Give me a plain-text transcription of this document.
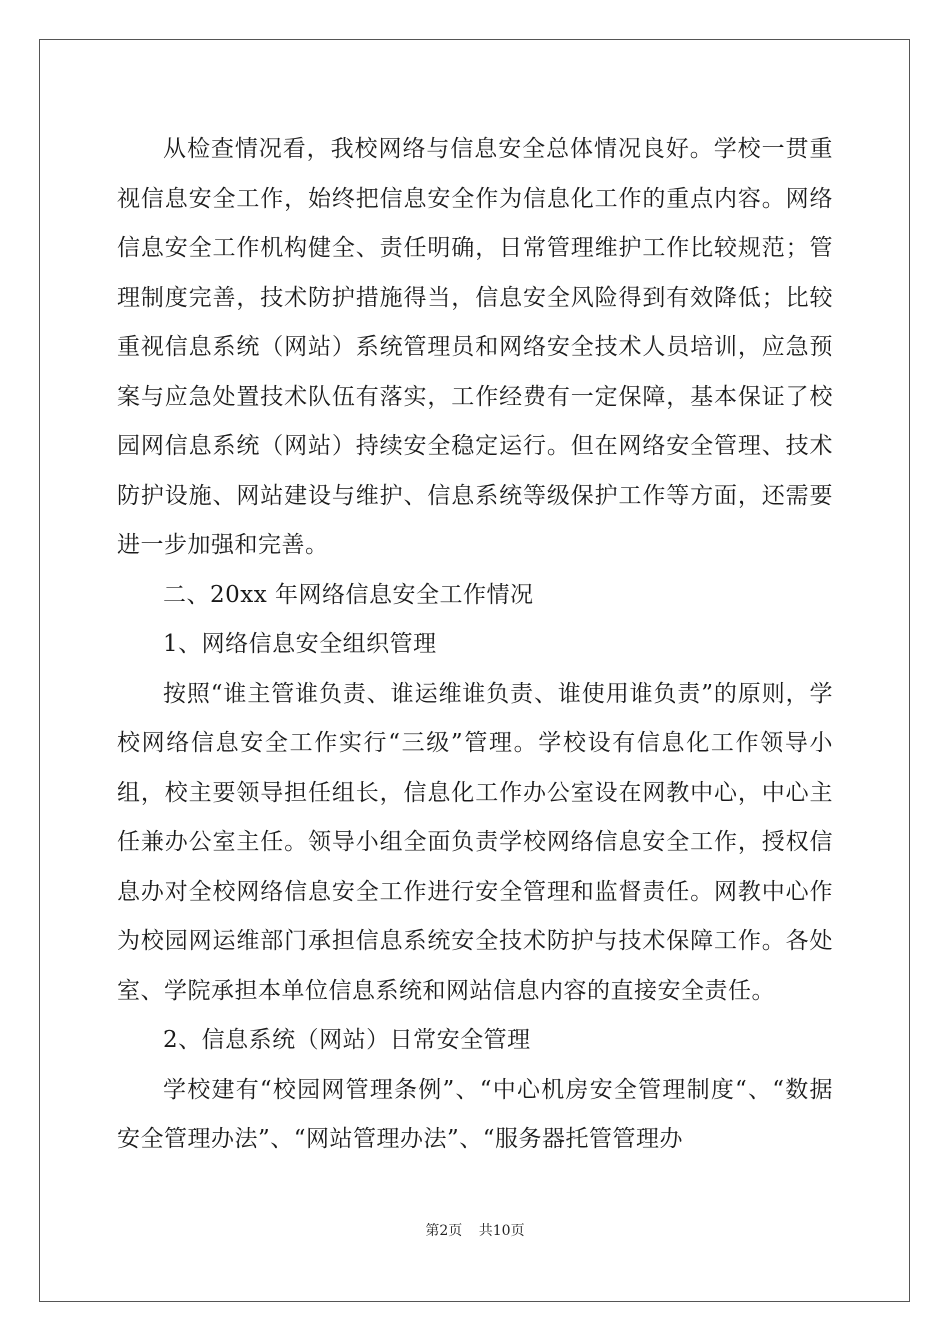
从检查情况看，我校网络与信息安全总体情况良好。学校一贯重视信息安全工作，始终把信息安全作为信息化工作的重点内容。网络信息安全工作机构健全、责任明确，日常管理维护工作比较规范；管理制度完善，技术防护措施得当，信息安全风险得到有效降低；比较重视信息系统（网站）系统管理员和网络安全技术人员培训，应急预案与应急处置技术队伍有落实，工作经费有一定保障，基本保证了校园网信息系统（网站）持续安全稳定运行。但在网络安全管理、技术防护设施、网站建设与维护、信息系统等级保护工作等方面，还需要进一步加强和完善。

二、20xx 年网络信息安全工作情况

1、网络信息安全组织管理

按照“谁主管谁负责、谁运维谁负责、谁使用谁负责”的原则，学校网络信息安全工作实行“三级”管理。学校设有信息化工作领导小组，校主要领导担任组长，信息化工作办公室设在网教中心，中心主任兼办公室主任。领导小组全面负责学校网络信息安全工作，授权信息办对全校网络信息安全工作进行安全管理和监督责任。网教中心作为校园网运维部门承担信息系统安全技术防护与技术保障工作。各处室、学院承担本单位信息系统和网站信息内容的直接安全责任。

2、信息系统（网站）日常安全管理

学校建有“校园网管理条例”、“中心机房安全管理制度“、“数据安全管理办法”、“网站管理办法”、“服务器托管管理办

第2页 共10页
